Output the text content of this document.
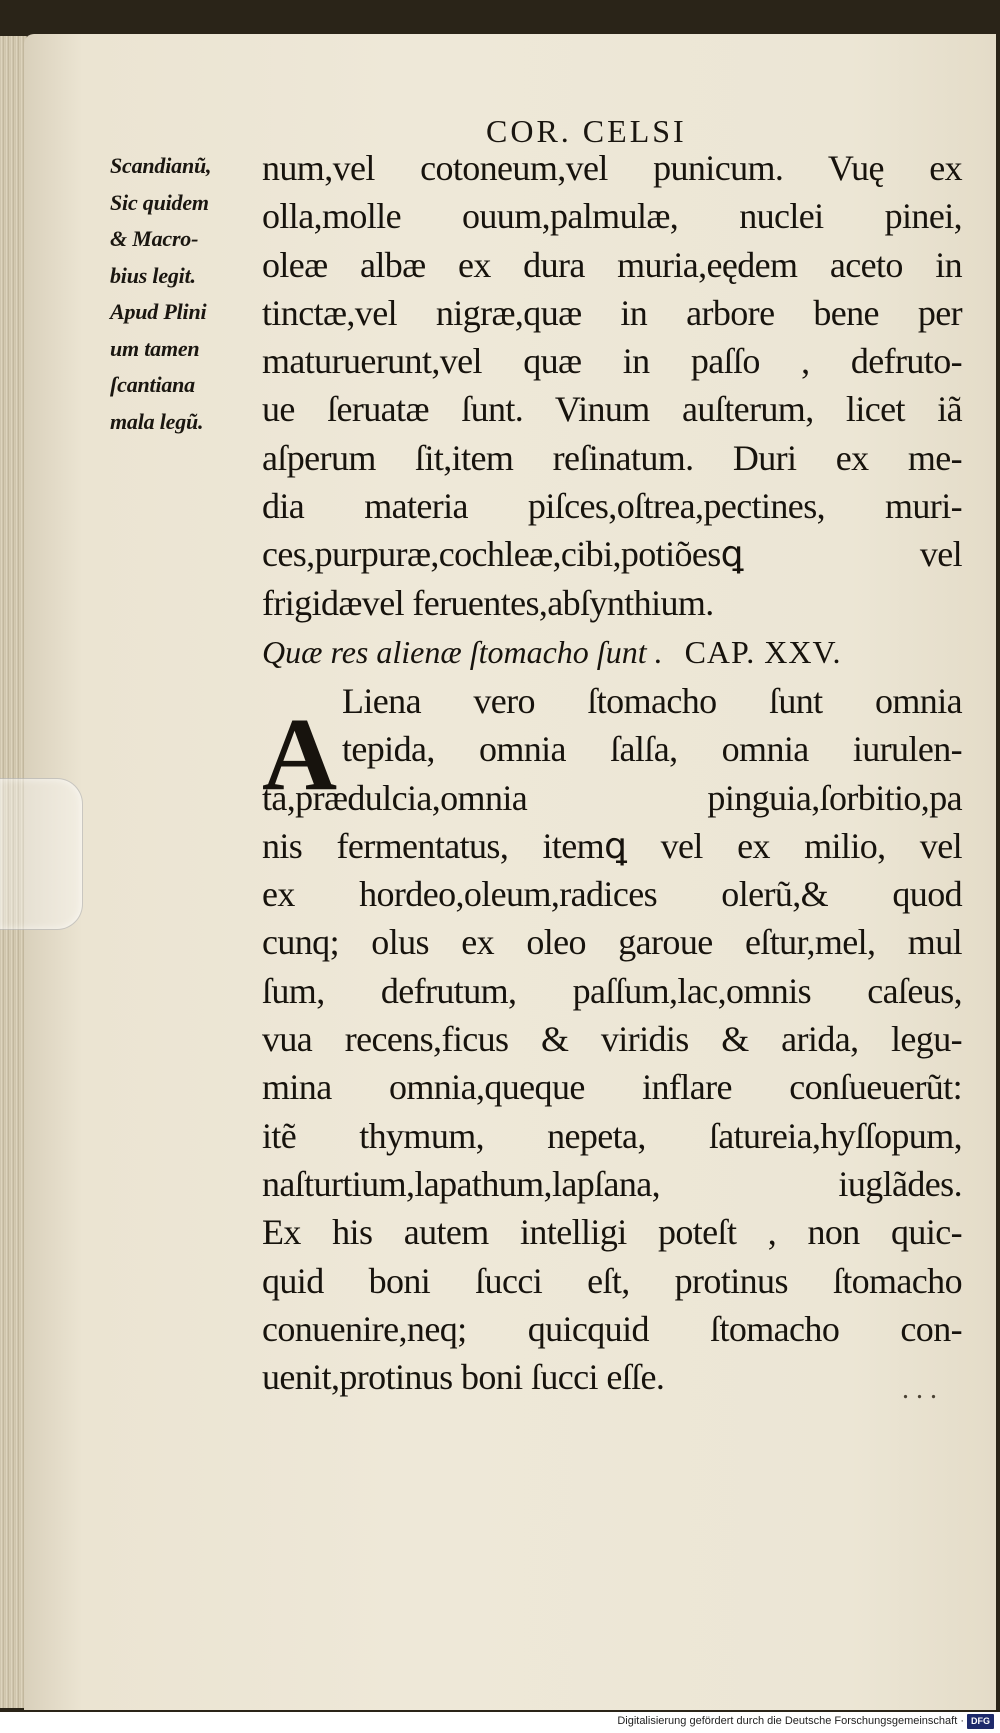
COR. CELSI
Scandianũ,
Sic quidem
& Macro-
bius legit.
Apud Plini
um tamen
ſcantiana
mala legũ.
num,vel cotoneum,vel punicum. Vuę ex
olla,molle ouum,palmulæ, nuclei pinei,
oleæ albæ ex dura muria,eędem aceto in
tinctæ,vel nigræ,quæ in arbore bene per
maturuerunt,vel quæ in paſſo , defruto-
ue ſeruatæ ſunt. Vinum auſterum, licet iã
aſperum ſit,item reſinatum. Duri ex me-
dia materia piſces,oſtrea,pectines, muri-
ces,purpuræ,cochleæ,cibi,potiõesꝗ vel
frigidævel feruentes,abſynthium.
Quæ res alienæ ſtomacho ſunt . CAP. XXV.
Liena vero ſtomacho ſunt omnia
tepida, omnia ſalſa, omnia iurulen-
ta,prædulcia,omnia pinguia,ſorbitio,pa
nis fermentatus, itemꝗ vel ex milio, vel
ex hordeo,oleum,radices olerũ,& quod
cunq; olus ex oleo garoue eſtur,mel, mul
ſum, defrutum, paſſum,lac,omnis caſeus,
vua recens,ficus & viridis & arida, legu-
mina omnia,queque inflare conſueuerũt:
itẽ thymum, nepeta, ſatureia,hyſſopum,
naſturtium,lapathum,lapſana, iuglãdes.
Ex his autem intelligi poteſt , non quic-
quid boni ſucci eſt, protinus ſtomacho
conuenire,neq; quicquid ſtomacho con-
uenit,protinus boni ſucci eſſe.
A
. . .
Digitalisierung gefördert durch die Deutsche Forschungsgemeinschaft · DFG
